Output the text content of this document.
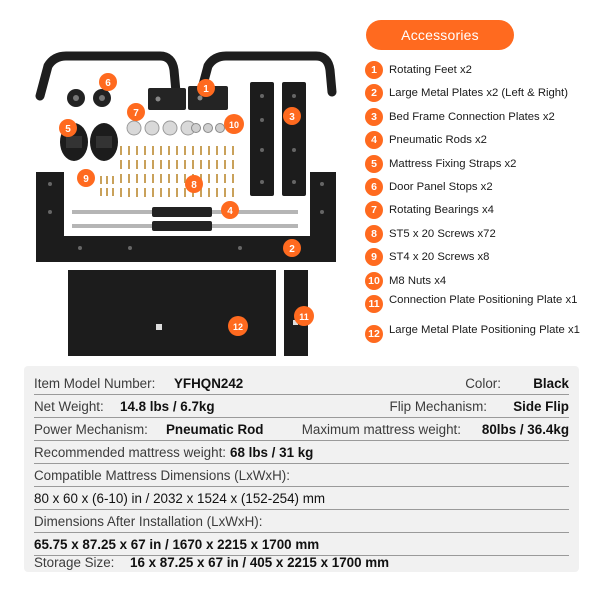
1
2
3
4
5
6
7
8
9
10
11
12
Accessories
1	Rotating Feet x2
2	Large Metal Plates x2 (Left & Right)
3	Bed Frame Connection Plates x2
4	Pneumatic Rods x2
5	Mattress Fixing Straps x2
6	Door Panel Stops x2
7	Rotating Bearings x4
8	ST5 x 20 Screws x72
9	ST4 x 20 Screws x8
10 M8 Nuts x4
11 Connection Plate Positioning Plate x1
12 Large Metal Plate Positioning Plate x1
Item Model Number: YFHQN242	Color: Black
Net Weight: 14.8 lbs / 6.7kg	Flip Mechanism: Side Flip
Power Mechanism: Pneumatic Rod	Maximum mattress weight: 80lbs / 36.4kg
Recommended mattress weight: 68 lbs / 31 kg
Compatible Mattress Dimensions (LxWxH):
80 x 60 x (6-10) in / 2032 x 1524 x (152-254) mm
Dimensions After Installation (LxWxH):
65.75 x 87.25 x 67 in / 1670 x 2215 x 1700 mm
Storage Size: 16 x 87.25 x 67 in / 405 x 2215 x 1700 mm
